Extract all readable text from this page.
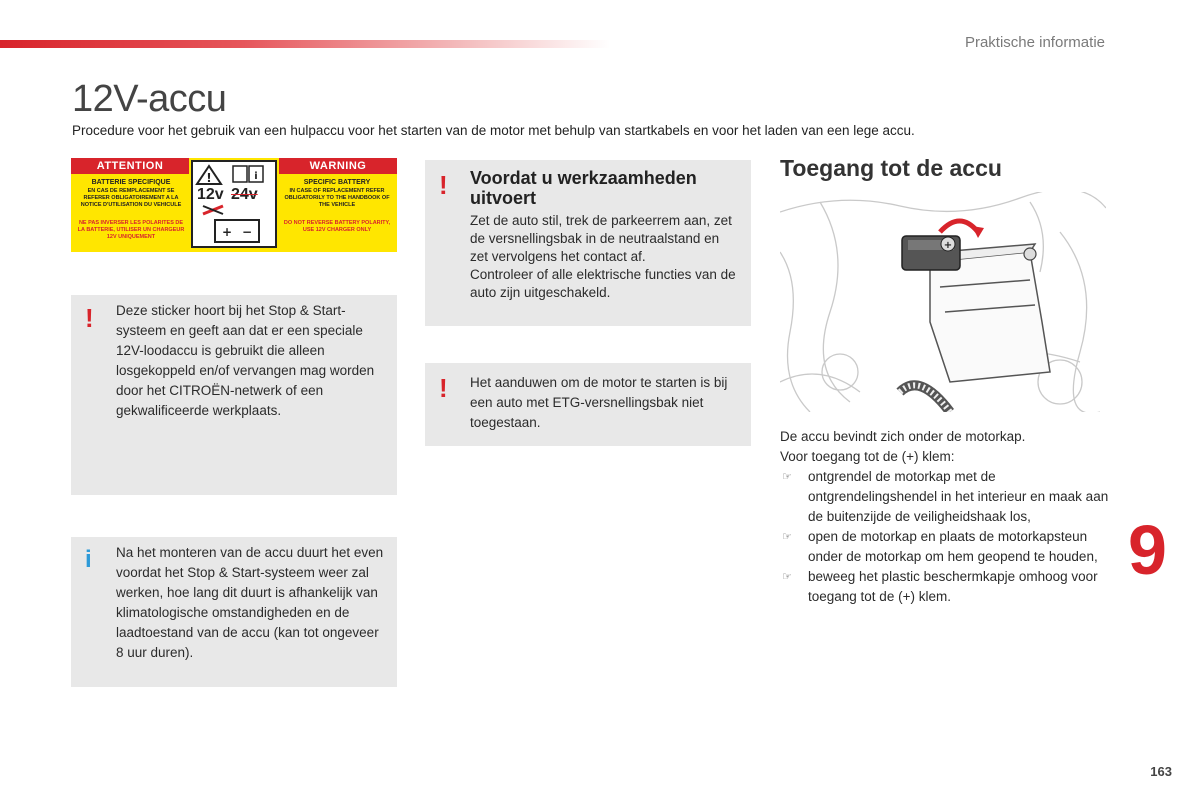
Praktische informatie
12V-accu
Procedure voor het gebruik van een hulpaccu voor het starten van de motor met behulp van startkabels en voor het laden van een lege accu.
ATTENTION	WARNING
BATTERIE SPECIFIQUE
EN CAS DE REMPLACEMENT SE REFERER OBLIGATOIREMENT A LA NOTICE D'UTILISATION DU VEHICULE
NE PAS INVERSER LES POLARITES DE LA BATTERIE, UTILISER UN CHARGEUR 12V UNIQUEMENT
SPECIFIC BATTERY
IN CASE OF REPLACEMENT REFER OBLIGATORILY TO THE HANDBOOK OF THE VEHICLE
DO NOT REVERSE BATTERY POLARITY, USE 12V CHARGER ONLY
!	i
+ −
12v 24v
! Deze sticker hoort bij het Stop & Start-systeem en geeft aan dat er een speciale 12V-loodaccu is gebruikt die alleen losgekoppeld en/of vervangen mag worden door het CITROËN-netwerk of een gekwalificeerde werkplaats.
i Na het monteren van de accu duurt het even voordat het Stop & Start-systeem weer zal werken, hoe lang dit duurt is afhankelijk van klimatologische omstandigheden en de laadtoestand van de accu (kan tot ongeveer 8 uur duren).
! Voordat u werkzaamheden uitvoert
Zet de auto stil, trek de parkeerrem aan, zet de versnellingsbak in de neutraalstand en zet vervolgens het contact af.
Controleer of alle elektrische functies van de auto zijn uitgeschakeld.
! Het aanduwen om de motor te starten is bij een auto met ETG-versnellingsbak niet toegestaan.
Toegang tot de accu
+
De accu bevindt zich onder de motorkap.
Voor toegang tot de (+) klem:
☞ ontgrendel de motorkap met de ontgrendelingshendel in het interieur en maak aan de buitenzijde de veiligheidshaak los,
☞ open de motorkap en plaats de motorkapsteun onder de motorkap om hem geopend te houden,
☞ beweeg het plastic beschermkapje omhoog voor toegang tot de (+) klem.
9
163
